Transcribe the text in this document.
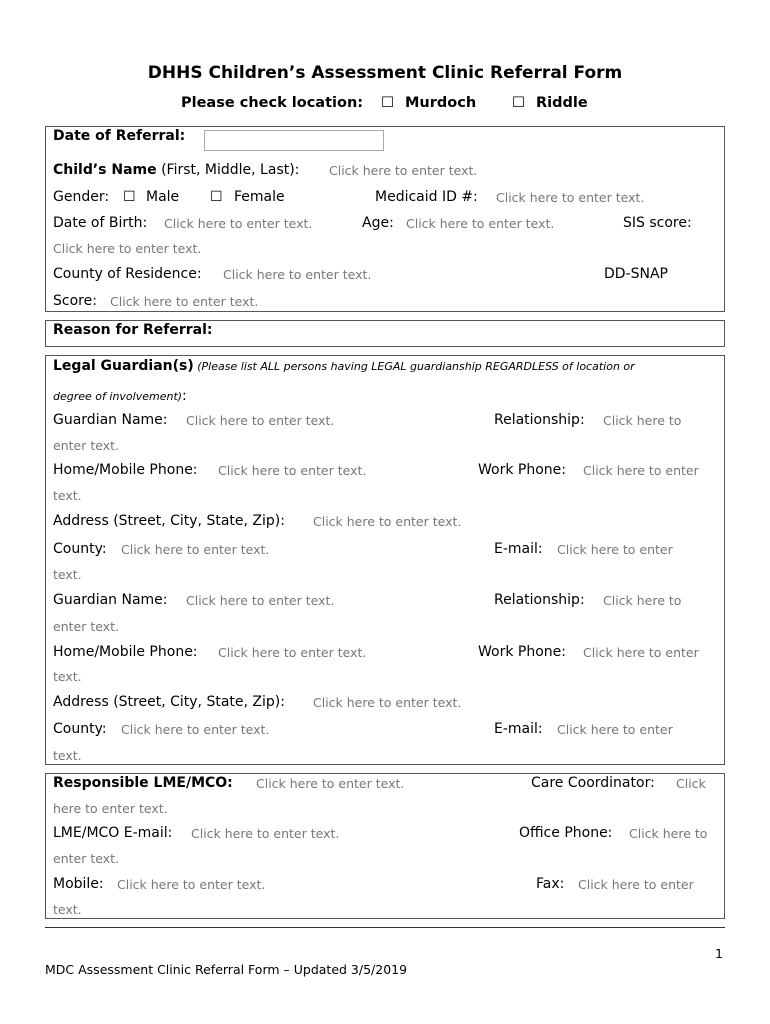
DHHS Children’s Assessment Clinic Referral Form
Please check location: ☐ Murdoch ☐ Riddle
Date of Referral:
Child’s Name (First, Middle, Last): Click here to enter text.
Gender: ☐ Male ☐ Female	Medicaid ID #: Click here to enter text.
Date of Birth: Click here to enter text.	Age: Click here to enter text.	SIS score:
Click here to enter text.
County of Residence: Click here to enter text.	DD-SNAP
Score: Click here to enter text.
Reason for Referral:
Legal Guardian(s) (Please list ALL persons having LEGAL guardianship REGARDLESS of location or
degree of involvement):
Guardian Name: Click here to enter text.	Relationship: Click here to
enter text.
Home/Mobile Phone: Click here to enter text.	Work Phone: Click here to enter
text.
Address (Street, City, State, Zip): Click here to enter text.
County: Click here to enter text.	E-mail: Click here to enter
text.
Guardian Name: Click here to enter text.	Relationship: Click here to
enter text.
Home/Mobile Phone: Click here to enter text.	Work Phone: Click here to enter
text.
Address (Street, City, State, Zip): Click here to enter text.
County: Click here to enter text.	E-mail: Click here to enter
text.
Responsible LME/MCO: Click here to enter text.	Care Coordinator: Click
here to enter text.
LME/MCO E-mail: Click here to enter text.	Office Phone: Click here to
enter text.
Mobile: Click here to enter text.	Fax: Click here to enter
text.
1
MDC Assessment Clinic Referral Form – Updated 3/5/2019
